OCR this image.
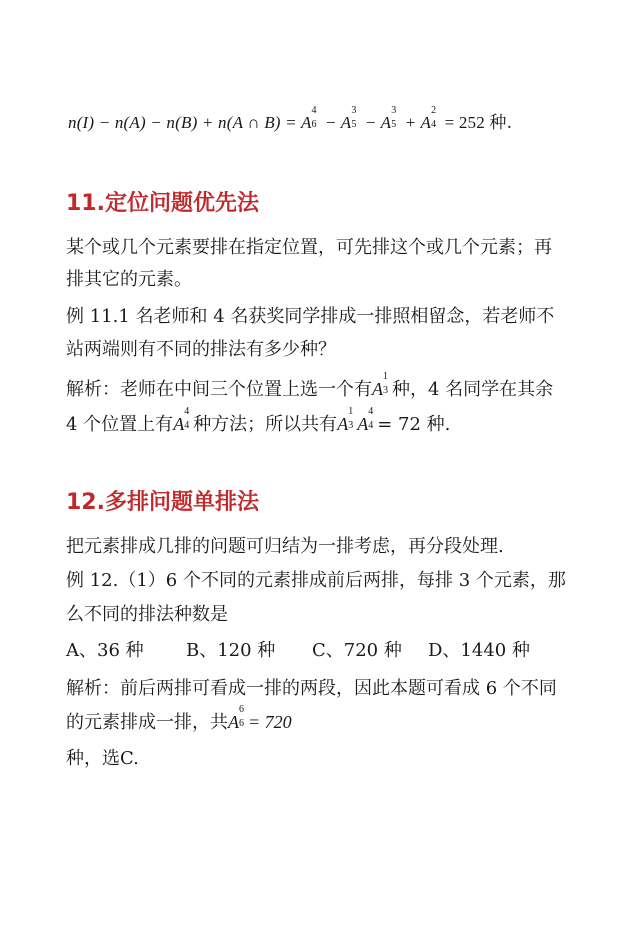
n(I) − n(A) − n(B) + n(A ∩ B) = A
4
6 − A
3
5 − A
3
5 + A
2
4 = 252 种.
11.定位问题优先法
某个或几个元素要排在指定位置，可先排这个或几个元素；再
排其它的元素。
例 11.1 名老师和 4 名获奖同学排成一排照相留念，若老师不
站两端则有不同的排法有多少种？
解析：老师在中间三个位置上选一个有A
1
3 种，4 名同学在其余
4 个位置上有A
4
4 种方法；所以共有A
1
3 A
4
4 = 72 种.
12.多排问题单排法
把元素排成几排的问题可归结为一排考虑，再分段处理.
例 12.（1）6 个不同的元素排成前后两排，每排 3 个元素，那
么不同的排法种数是
A、36 种 B、120 种 C、720 种 D、1440 种
解析：前后两排可看成一排的两段，因此本题可看成 6 个不同
的元素排成一排，共A
6
6 = 720
种，选C.
